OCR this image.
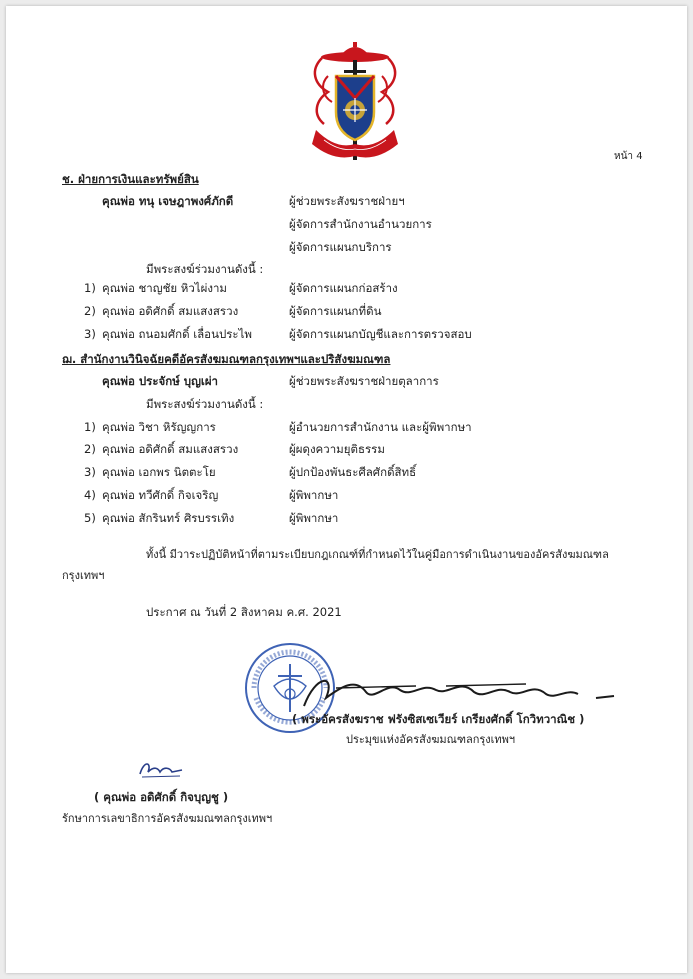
หน้า 4
ช. ฝ่ายการเงินและทรัพย์สิน
คุณพ่อ ทนุ เจษฎาพงศ์ภักดี	ผู้ช่วยพระสังฆราชฝ่ายฯ
ผู้จัดการสำนักงานอำนวยการ
ผู้จัดการแผนกบริการ
มีพระสงฆ์ร่วมงานดังนี้ :
1) คุณพ่อ ชาญชัย หิวไผ่งาม	ผู้จัดการแผนกก่อสร้าง
2) คุณพ่อ อดิศักดิ์ สมแสงสรวง	ผู้จัดการแผนกที่ดิน
3) คุณพ่อ ถนอมศักดิ์ เลื่อนประไพ	ผู้จัดการแผนกบัญชีและการตรวจสอบ
ฌ. สำนักงานวินิจฉัยคดีอัครสังฆมณฑลกรุงเทพฯและปริสังฆมณฑล
คุณพ่อ ประจักษ์ บุญเผ่า	ผู้ช่วยพระสังฆราชฝ่ายตุลาการ
มีพระสงฆ์ร่วมงานดังนี้ :
1) คุณพ่อ วิชา หิรัญญการ	ผู้อำนวยการสำนักงาน และผู้พิพากษา
2) คุณพ่อ อดิศักดิ์ สมแสงสรวง	ผู้ผดุงความยุติธรรม
3) คุณพ่อ เอกพร นิตตะโย	ผู้ปกป้องพันธะศีลศักดิ์สิทธิ์
4) คุณพ่อ ทวีศักดิ์ กิจเจริญ	ผู้พิพากษา
5) คุณพ่อ สักรินทร์ ศิรบรรเทิง	ผู้พิพากษา
ทั้งนี้ มีวาระปฏิบัติหน้าที่ตามระเบียบกฎเกณฑ์ที่กำหนดไว้ในคู่มือการดำเนินงานของอัครสังฆมณฑล
กรุงเทพฯ
ประกาศ ณ วันที่ 2 สิงหาคม ค.ศ. 2021
( พระอัครสังฆราช ฟรังซิสเซเวียร์ เกรียงศักดิ์ โกวิทวาณิช )
ประมุขแห่งอัครสังฆมณฑลกรุงเทพฯ
( คุณพ่อ อดิศักดิ์ กิจบุญชู )
รักษาการเลขาธิการอัครสังฆมณฑลกรุงเทพฯ
